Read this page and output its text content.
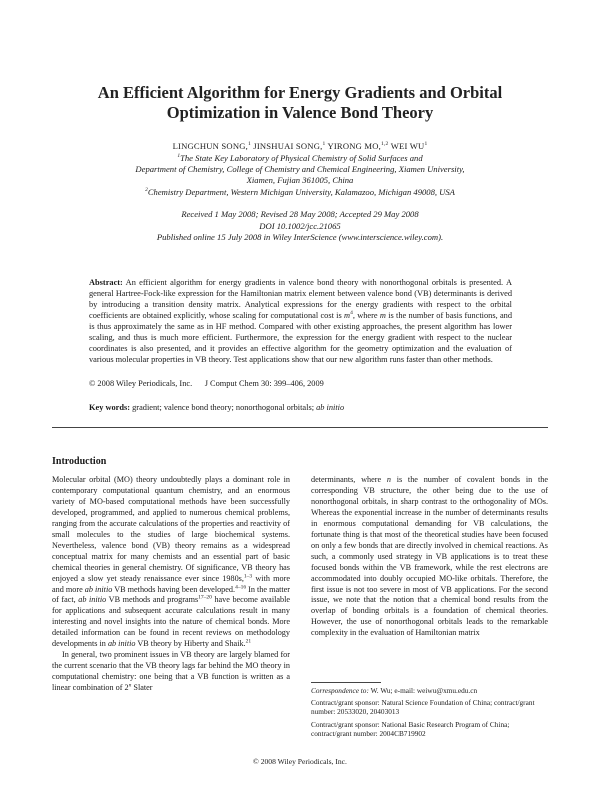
An Efficient Algorithm for Energy Gradients and Orbital
Optimization in Valence Bond Theory
LINGCHUN SONG,$^1$ JINSHUAI SONG,$^1$ YIRONG MO,$^{1,2}$ WEI $WU^1$
$^1$The State Key Laboratory of Physical Chemistry of Solid Surfaces and
Department of Chemistry, College of Chemistry and Chemical Engineering, Xiamen University,
Xiamen, Fujian 361005, China
$^2$Chemistry Department, Western Michigan University, Kalamazoo, Michigan 49008, USA
Received 1 May 2008; Revised 28 May 2008; Accepted 29 May 2008
DOI 10.1002/jcc.21065
Published online 15 July 2008 in Wiley InterScience (www.interscience.wiley.com).
Abstract: An efficient algorithm for energy gradients in valence bond theory with nonorthogonal orbitals is presented. A general Hartree-Fock-like expression for the Hamiltonian matrix element between valence bond (VB) determinants is derived by introducing a transition density matrix. Analytical expressions for the energy gradients with respect to the orbital coefficients are obtained explicitly, whose scaling for computational cost is $m^4$, where m is the number of basis functions, and is thus approximately the same as in HF method. Compared with other existing approaches, the present algorithm has lower scaling, and thus is much more efficient. Furthermore, the expression for the energy gradient with respect to the nuclear coordinates is also presented, and it provides an effective algorithm for the geometry optimization and the evaluation of various molecular properties in VB theory. Test applications show that our new algorithm runs faster than other methods.
© 2008 Wiley Periodicals, Inc.      J Comput Chem 30: 399–406, 2009
Key words: gradient; valence bond theory; nonorthogonal orbitals; ab initio
Introduction

Molecular orbital (MO) theory undoubtedly plays a dominant role in contemporary computational quantum chemistry, and an enormous variety of MO-based computational methods have been successfully developed, programmed, and applied to numerous chemical problems, ranging from the accurate calculations of the properties and reactivity of small molecules to the studies of large biochemical systems. Nevertheless, valence bond (VB) theory remains as a widespread conceptual matrix for many chemists and an essential part of basic chemical theories in general chemistry. Of significance, VB theory has enjoyed a slow yet steady renaissance ever since 1980s,$^{1-3}$ with more and more ab initio VB methods having been developed.$^{4-16}$ In the matter of fact, ab initio VB methods and programs$^{17-20}$ have become available for applications and subsequent accurate calculations result in many interesting and novel insights into the nature of chemical bonds. More detailed information can be found in recent reviews on methodology developments in ab initio VB theory by Hiberty and Shaik.$^{21}$

In general, two prominent issues in VB theory are largely blamed for the current scenario that the VB theory lags far behind the MO theory in computational chemistry: one being that a VB function is written as a linear combination of 2$^n$ Slater

determinants, where n is the number of covalent bonds in the corresponding VB structure, the other being due to the use of nonorthogonal orbitals, in sharp contrast to the orthogonality of MOs. Whereas the exponential increase in the number of determinants results in enormous computational demanding for VB calculations, the fortunate thing is that most of the theoretical studies have been focused on only a few bonds that are directly involved in chemical reactions. As such, a commonly used strategy in VB applications is to treat these focused bonds within the VB framework, while the rest electrons are accommodated into doubly occupied MO-like orbitals. Therefore, the first issue is not too severe in most of VB applications. For the second issue, we note that the notion that a chemical bond results from the overlap of bonding orbitals is a foundation of chemical theories. However, the use of nonorthogonal orbitals leads to the remarkable complexity in the evaluation of Hamiltonian matrix

Correspondence to: W. Wu; e-mail: weiwu@xmu.edu.cn

Contract/grant sponsor: Natural Science Foundation of China; contract/grant number: 20533020, 20403013

Contract/grant sponsor: National Basic Research Program of China; contract/grant number: 2004CB719902

© 2008 Wiley Periodicals, Inc.
